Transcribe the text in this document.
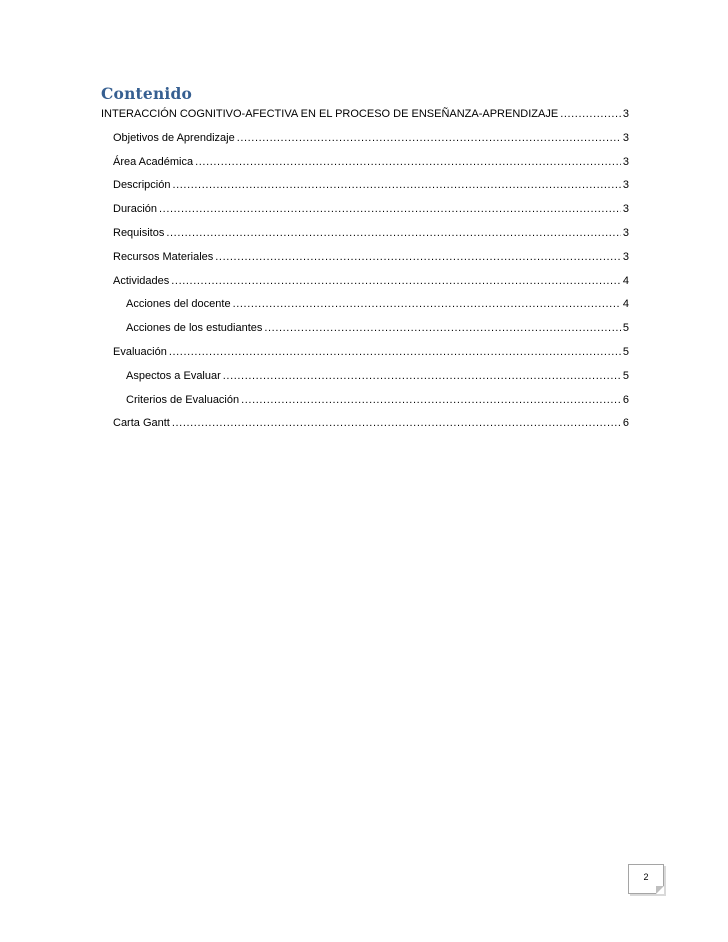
Contenido
INTERACCIÓN COGNITIVO-AFECTIVA EN EL PROCESO DE ENSEÑANZA-APRENDIZAJE .....	3
Objetivos de Aprendizaje .....	3
Área Académica .....	3
Descripción .....	3
Duración .....	3
Requisitos .....	3
Recursos Materiales .....	3
Actividades .....	4
Acciones del docente .....	4
Acciones de los estudiantes .....	5
Evaluación .....	5
Aspectos a Evaluar .....	5
Criterios de Evaluación .....	6
Carta Gantt .....	6
2
